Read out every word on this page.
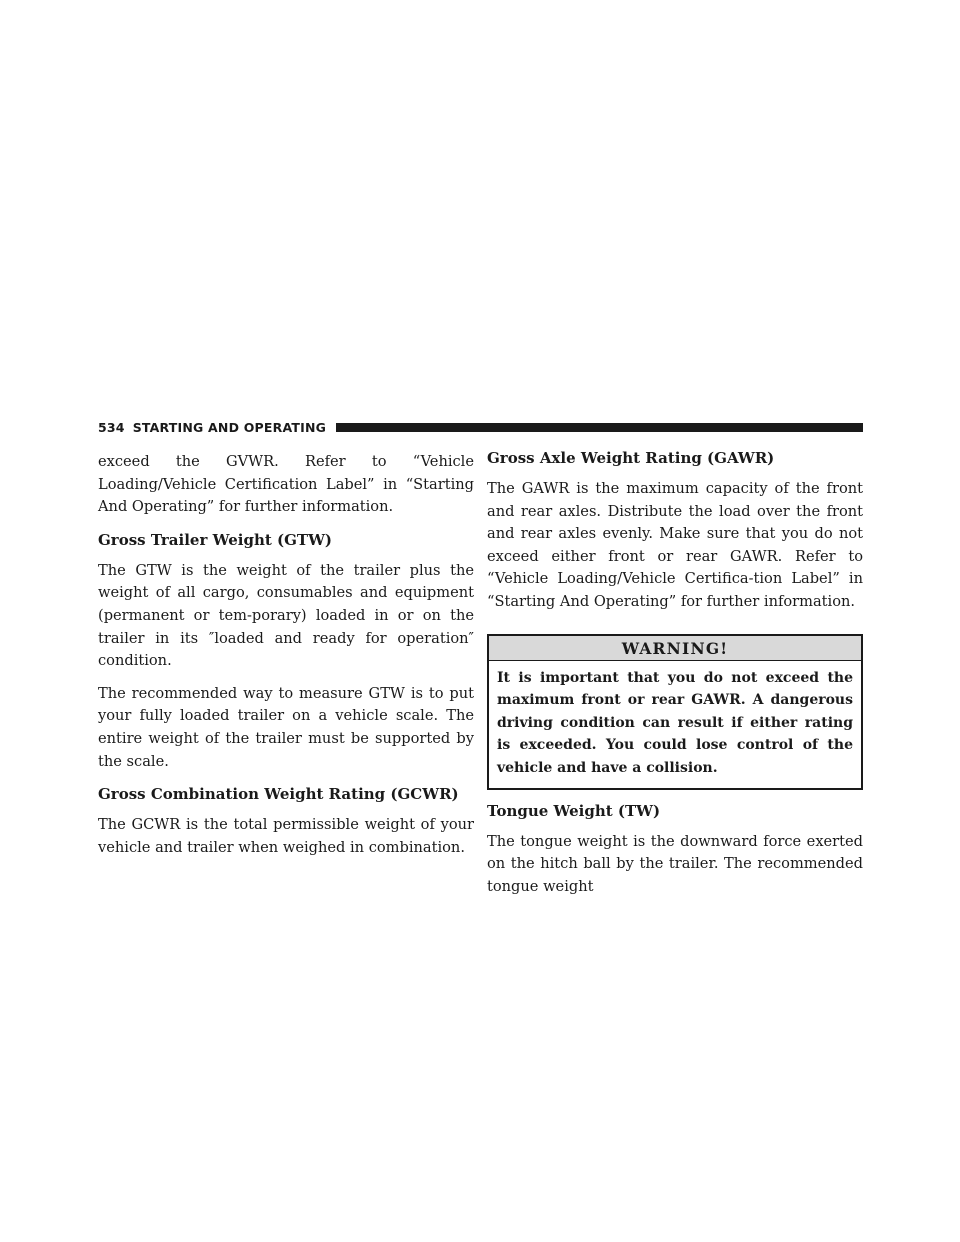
534 STARTING AND OPERATING

exceed the GVWR. Refer to “Vehicle Loading/Vehicle Certification Label” in “Starting And Operating” for further information.

Gross Trailer Weight (GTW)

The GTW is the weight of the trailer plus the weight of all cargo, consumables and equipment (permanent or tem-porary) loaded in or on the trailer in its ″loaded and ready for operation″ condition.

The recommended way to measure GTW is to put your fully loaded trailer on a vehicle scale. The entire weight of the trailer must be supported by the scale.

Gross Combination Weight Rating (GCWR)

The GCWR is the total permissible weight of your vehicle and trailer when weighed in combination.

Gross Axle Weight Rating (GAWR)

The GAWR is the maximum capacity of the front and rear axles. Distribute the load over the front and rear axles evenly. Make sure that you do not exceed either front or rear GAWR. Refer to “Vehicle Loading/Vehicle Certifica-tion Label” in “Starting And Operating” for further information.

WARNING!

It is important that you do not exceed the maximum front or rear GAWR. A dangerous driving condition can result if either rating is exceeded. You could lose control of the vehicle and have a collision.

Tongue Weight (TW)

The tongue weight is the downward force exerted on the hitch ball by the trailer. The recommended tongue weight
